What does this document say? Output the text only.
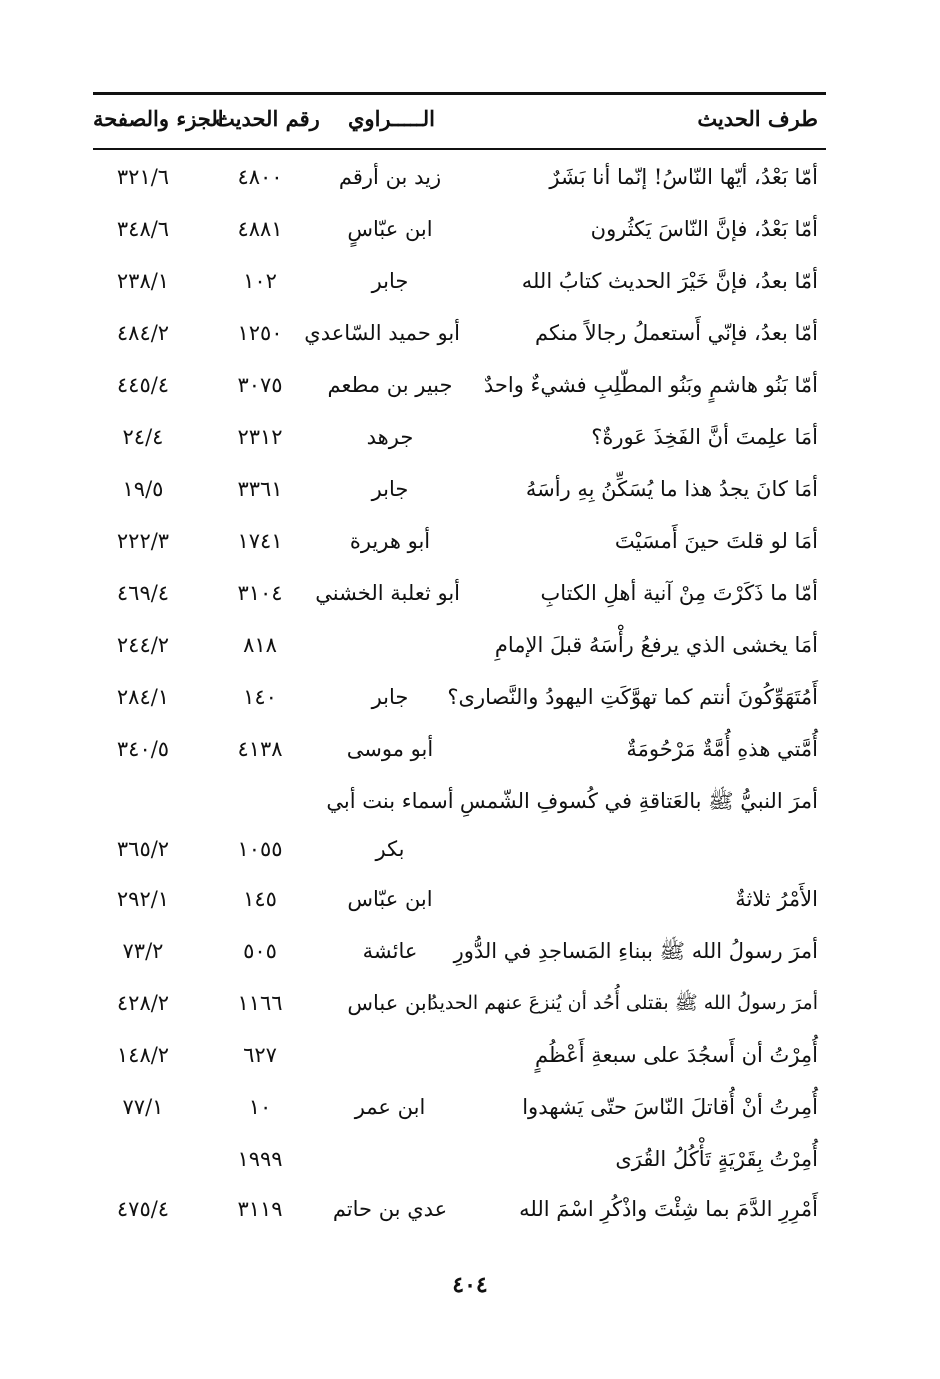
طرف الحديث
الـــــراوي
رقم الحديث
الجزء والصفحة
أمّا بَعْدُ، أيّها النّاسُ! إنّما أنا بَشَرٌ
زيد بن أرقم
٤٨٠٠
٣٢١/٦
أمّا بَعْدُ، فإنَّ النّاسَ يَكثُرون
ابن عبّاسٍ
٤٨٨١
٣٤٨/٦
أمّا بعدُ، فإنَّ خَيْرَ الحديث كتابُ الله
جابر
١٠٢
٢٣٨/١
أمّا بعدُ، فإنّي أَستعملُ رجالاً منكم
أبو حميد السّاعدي
١٢٥٠
٤٨٤/٢
أمّا بَنُو هاشمٍ وبَنُو المطّلِبِ فشيءٌ واحدٌ
جبير بن مطعم
٣٠٧٥
٤٤٥/٤
أمَا علِمتَ أنَّ الفَخِذَ عَورةٌ؟
جرهد
٢٣١٢
٢٤/٤
أمَا كانَ يجدُ هذا ما يُسَكِّنُ بِهِ رأسَهُ
جابر
٣٣٦١
١٩/٥
أمَا لو قلتَ حينَ أَمسَيْتَ
أبو هريرة
١٧٤١
٢٢٢/٣
أمّا ما ذَكَرْتَ مِنْ آنية أهلِ الكتابِ
أبو ثعلبة الخشني
٣١٠٤
٤٦٩/٤
أمَا يخشى الذي يرفعُ رأْسَهُ قبلَ الإمامِ
٨١٨
٢٤٤/٢
أَمُتَهَوِّكُونَ أنتم كما تهوَّكَتِ اليهودُ والنَّصارى؟
جابر
١٤٠
٢٨٤/١
أُمَّتي هذهِ أُمَّةٌ مَرْحُومَةٌ
أبو موسى
٤١٣٨
٣٤٠/٥
أمرَ النبيُّ ﷺ بالعَتاقةِ في كُسوفِ الشّمسِ
أسماء بنت أبي
بكر
١٠٥٥
٣٦٥/٢
الأَمْرُ ثلاثةٌ
ابن عبّاس
١٤٥
٢٩٢/١
أمرَ رسولُ الله ﷺ ببناءِ المَساجدِ في الدُّورِ
عائشة
٥٠٥
٧٣/٢
أمرَ رسولُ الله ﷺ بقتلى أُحُد أن يُنزعَ عنهم الحديدُ
ابن عباس
١١٦٦
٤٢٨/٢
أُمِرْتُ أن أَسجُدَ على سبعةِ أَعْظُمٍ
٦٢٧
١٤٨/٢
أُمِرتُ أنْ أُقاتلَ النّاسَ حتّى يَشهدوا
ابن عمر
١٠
٧٧/١
أُمِرْتُ بِقَرْيَةٍ تَأْكُلُ القُرَى
١٩٩٩
أَمْرِرِ الدَّمَ بما شِئْتَ واذْكُرِ اسْمَ الله
عدي بن حاتم
٣١١٩
٤٧٥/٤
٤٠٤
